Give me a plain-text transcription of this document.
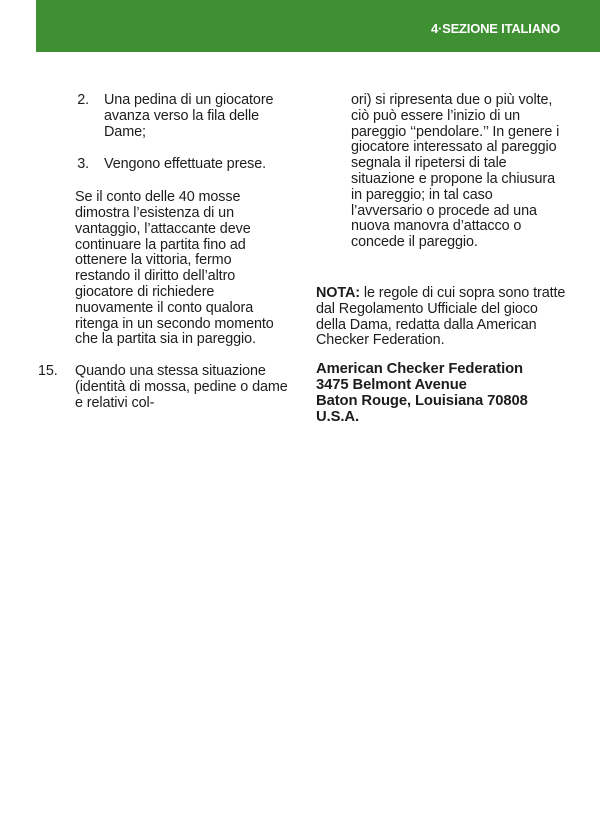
4·SEZIONE ITALIANO
2. Una pedina di un giocatore avanza verso la fila delle Dame;
3. Vengono effettuate prese.
Se il conto delle 40 mosse dimostra l’esistenza di un vantaggio, l’attaccante deve continuare la partita fino ad ottenere la vittoria, fermo restando il diritto dell’altro giocatore di richiedere nuovamente il conto qualora ritenga in un secondo momento che la partita sia in pareggio.
15. Quando una stessa situazione (identità di mossa, pedine o dame e relativi col-
ori) si ripresenta due o più volte, ciò può essere l’inizio di un pareggio ‘‘pendolare.’’ In genere i giocatore interessato al pareggio segnala il ripetersi di tale situazione e propone la chiusura in pareggio; in tal caso l’avversario o procede ad una nuova manovra d’attacco o concede il pareggio.
NOTA: le regole di cui sopra sono tratte dal Regolamento Ufficiale del gioco della Dama, redatta dalla American Checker Federation.
American Checker Federation
3475 Belmont Avenue
Baton Rouge, Louisiana 70808
U.S.A.
